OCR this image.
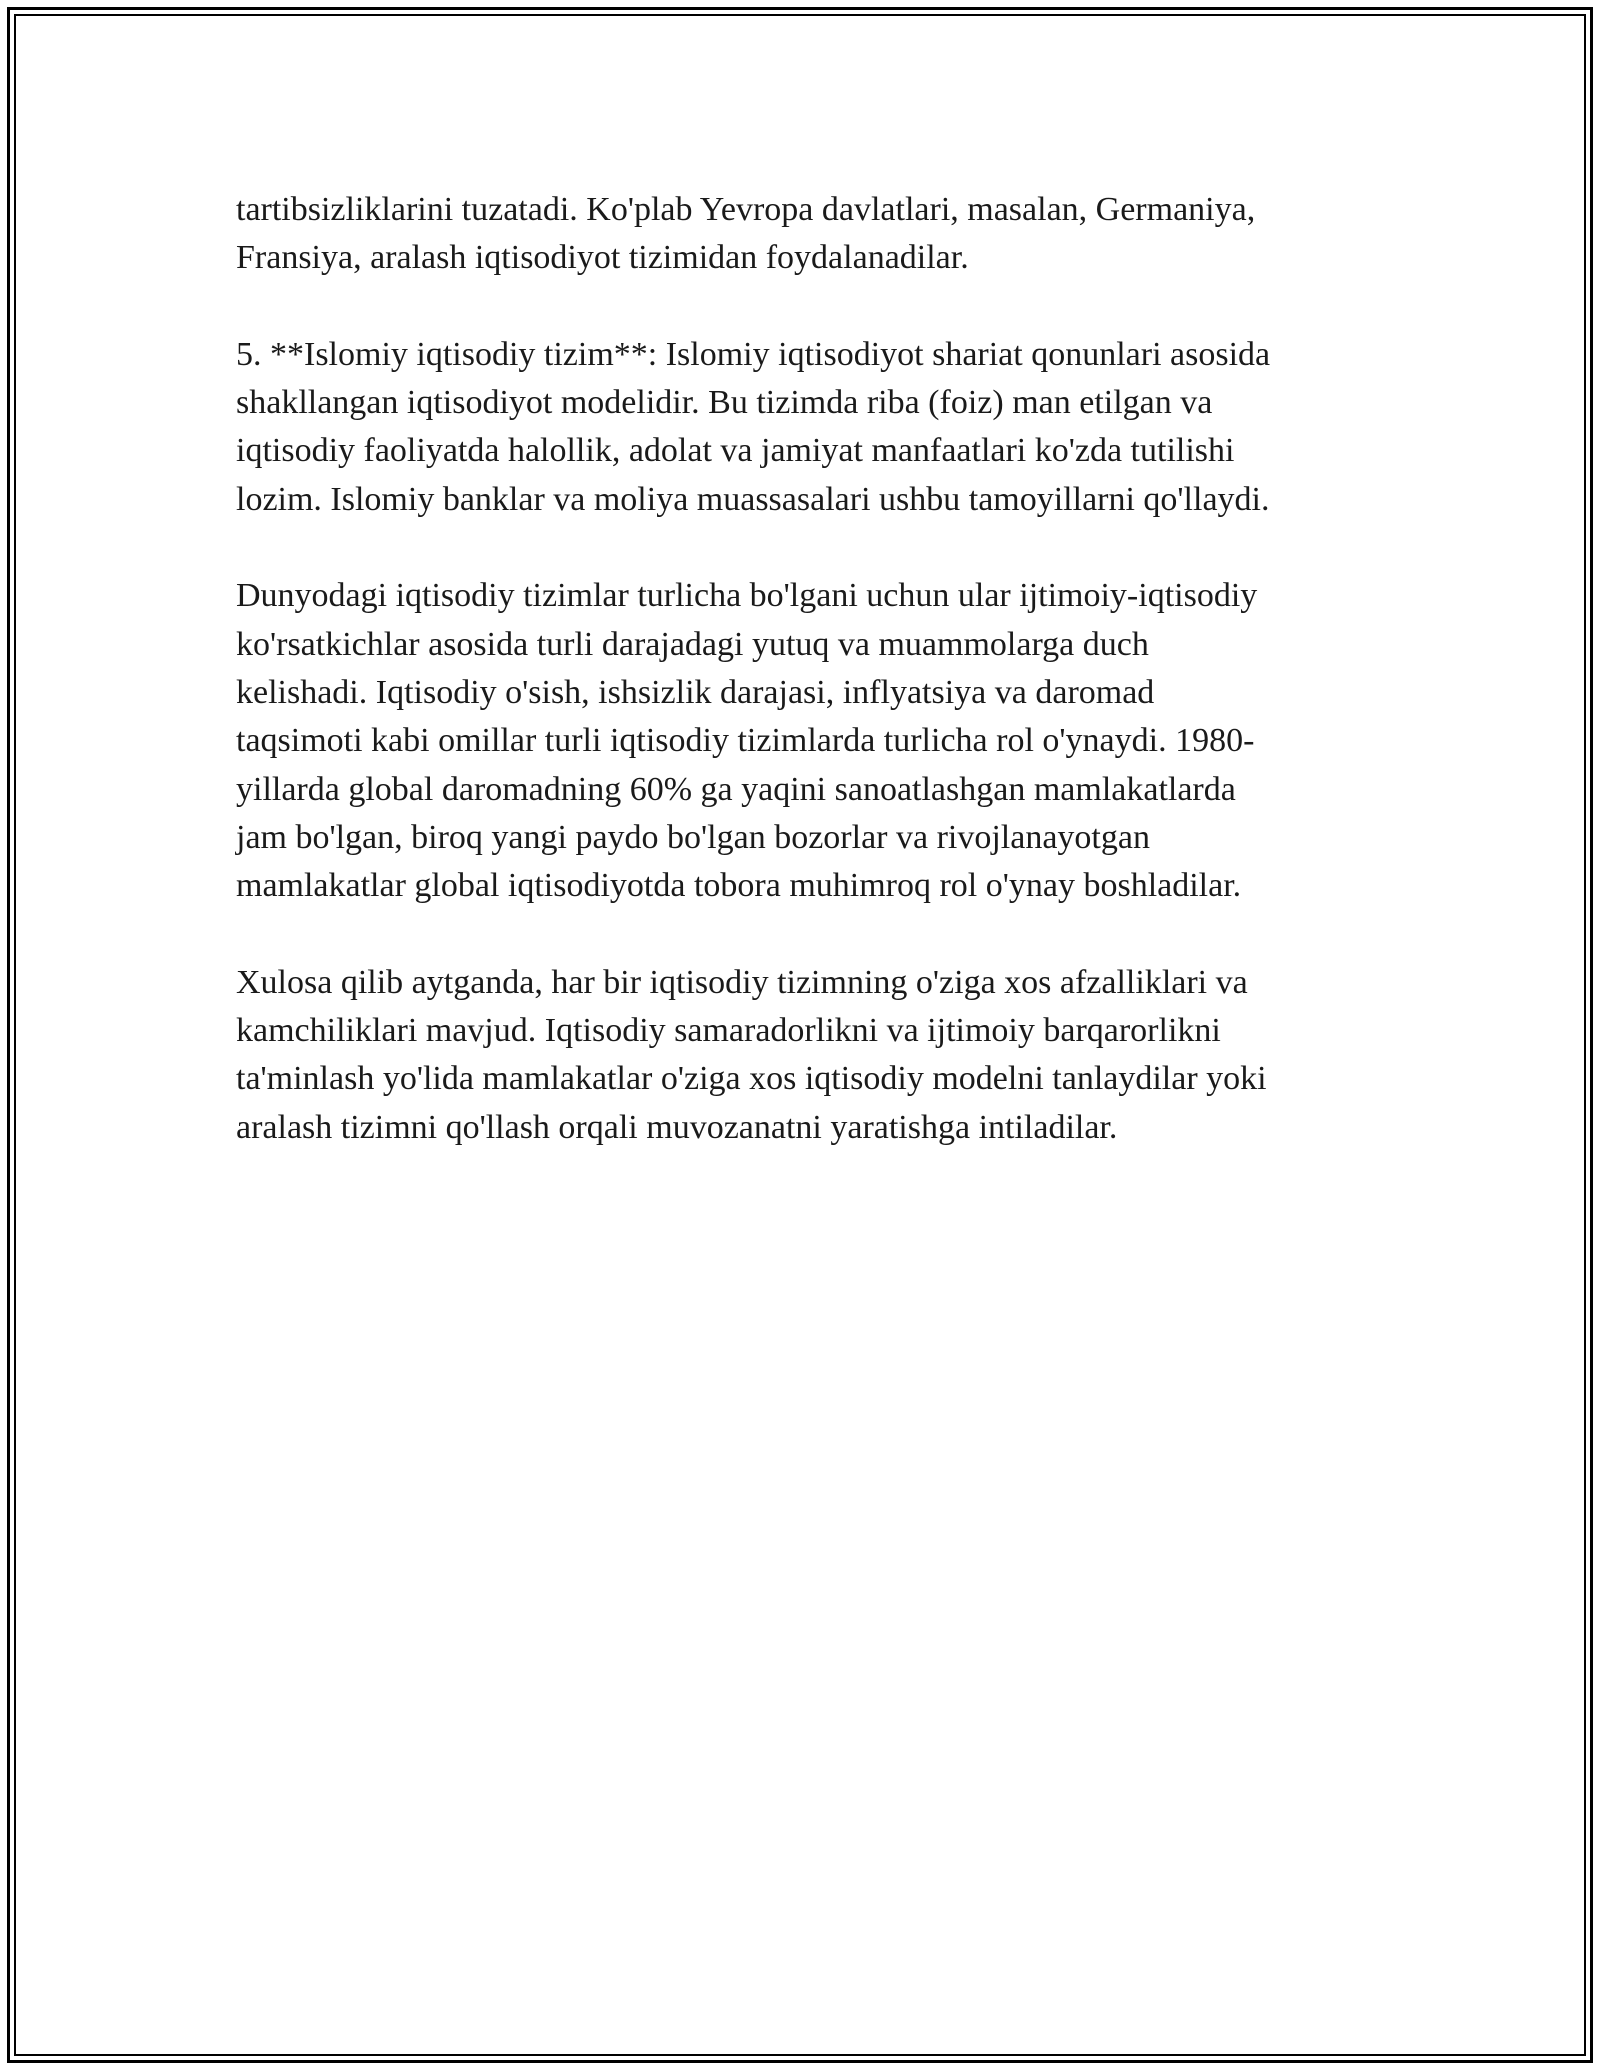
tartibsizliklarini tuzatadi. Ko'plab Yevropa davlatlari, masalan, Germaniya,
Fransiya, aralash iqtisodiyot tizimidan foydalanadilar.

5. **Islomiy iqtisodiy tizim**: Islomiy iqtisodiyot shariat qonunlari asosida
shakllangan iqtisodiyot modelidir. Bu tizimda riba (foiz) man etilgan va
iqtisodiy faoliyatda halollik, adolat va jamiyat manfaatlari ko'zda tutilishi
lozim. Islomiy banklar va moliya muassasalari ushbu tamoyillarni qo'llaydi.

Dunyodagi iqtisodiy tizimlar turlicha bo'lgani uchun ular ijtimoiy-iqtisodiy
ko'rsatkichlar asosida turli darajadagi yutuq va muammolarga duch
kelishadi. Iqtisodiy o'sish, ishsizlik darajasi, inflyatsiya va daromad
taqsimoti kabi omillar turli iqtisodiy tizimlarda turlicha rol o'ynaydi. 1980-
yillarda global daromadning 60% ga yaqini sanoatlashgan mamlakatlarda
jam bo'lgan, biroq yangi paydo bo'lgan bozorlar va rivojlanayotgan
mamlakatlar global iqtisodiyotda tobora muhimroq rol o'ynay boshladilar.

Xulosa qilib aytganda, har bir iqtisodiy tizimning o'ziga xos afzalliklari va
kamchiliklari mavjud. Iqtisodiy samaradorlikni va ijtimoiy barqarorlikni
ta'minlash yo'lida mamlakatlar o'ziga xos iqtisodiy modelni tanlaydilar yoki
aralash tizimni qo'llash orqali muvozanatni yaratishga intiladilar.
